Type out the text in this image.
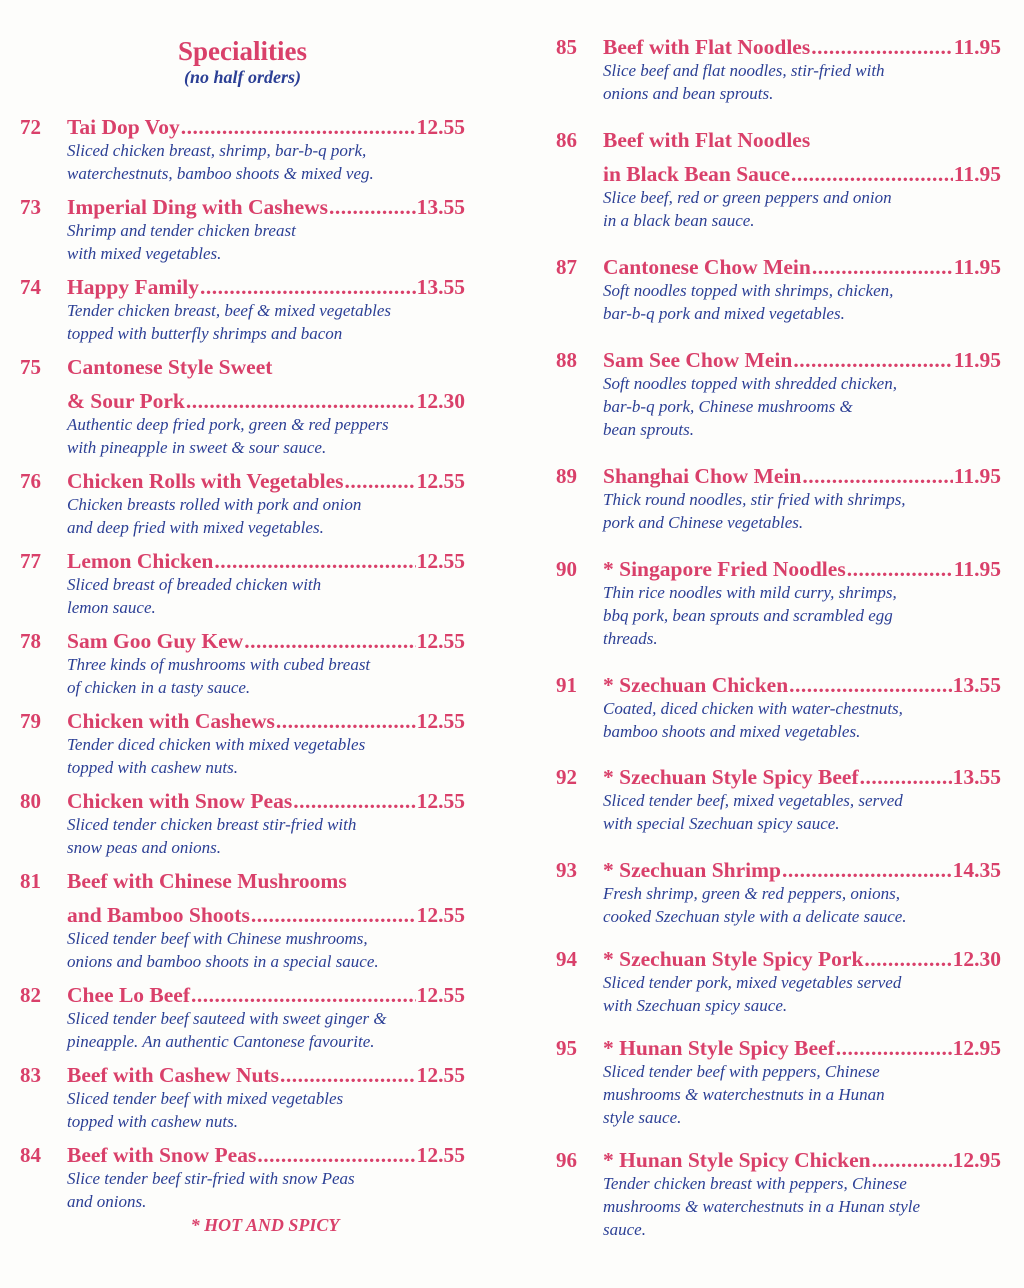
Specialities
(no half orders)
72	Tai Dop Voy .....	12.55
Sliced chicken breast, shrimp, bar-b-q pork,
waterchestnuts, bamboo shoots & mixed veg.
73	Imperial Ding with Cashews .....	13.55
Shrimp and tender chicken breast
with mixed vegetables.
74	Happy Family .....	13.55
Tender chicken breast, beef & mixed vegetables
topped with butterfly shrimps and bacon
75	Cantonese Style Sweet
& Sour Pork .....	12.30
Authentic deep fried pork, green & red peppers
with pineapple in sweet & sour sauce.
76	Chicken Rolls with Vegetables .....	12.55
Chicken breasts rolled with pork and onion
and deep fried with mixed vegetables.
77	Lemon Chicken .....	12.55
Sliced breast of breaded chicken with
lemon sauce.
78	Sam Goo Guy Kew .....	12.55
Three kinds of mushrooms with cubed breast
of chicken in a tasty sauce.
79	Chicken with Cashews .....	12.55
Tender diced chicken with mixed vegetables
topped with cashew nuts.
80	Chicken with Snow Peas .....	12.55
Sliced tender chicken breast stir-fried with
snow peas and onions.
81	Beef with Chinese Mushrooms
and Bamboo Shoots .....	12.55
Sliced tender beef with Chinese mushrooms,
onions and bamboo shoots in a special sauce.
82	Chee Lo Beef .....	12.55
Sliced tender beef sauteed with sweet ginger &
pineapple. An authentic Cantonese favourite.
83	Beef with Cashew Nuts .....	12.55
Sliced tender beef with mixed vegetables
topped with cashew nuts.
84	Beef with Snow Peas .....	12.55
Slice tender beef stir-fried with snow Peas
and onions.
* HOT AND SPICY
85	Beef with Flat Noodles .....	11.95
Slice beef and flat noodles, stir-fried with
onions and bean sprouts.
86	Beef with Flat Noodles
in Black Bean Sauce .....	11.95
Slice beef, red or green peppers and onion
in a black bean sauce.
87	Cantonese Chow Mein .....	11.95
Soft noodles topped with shrimps, chicken,
bar-b-q pork and mixed vegetables.
88	Sam See Chow Mein .....	11.95
Soft noodles topped with shredded chicken,
bar-b-q pork, Chinese mushrooms &
bean sprouts.
89	Shanghai Chow Mein .....	11.95
Thick round noodles, stir fried with shrimps,
pork and Chinese vegetables.
90	* Singapore Fried Noodles .....	11.95
Thin rice noodles with mild curry, shrimps,
bbq pork, bean sprouts and scrambled egg
threads.
91	* Szechuan Chicken .....	13.55
Coated, diced chicken with water-chestnuts,
bamboo shoots and mixed vegetables.
92	* Szechuan Style Spicy Beef .....	13.55
Sliced tender beef, mixed vegetables, served
with special Szechuan spicy sauce.
93	* Szechuan Shrimp .....	14.35
Fresh shrimp, green & red peppers, onions,
cooked Szechuan style with a delicate sauce.
94	* Szechuan Style Spicy Pork .....	12.30
Sliced tender pork, mixed vegetables served
with Szechuan spicy sauce.
95	* Hunan Style Spicy Beef .....	12.95
Sliced tender beef with peppers, Chinese
mushrooms & waterchestnuts in a Hunan
style sauce.
96	* Hunan Style Spicy Chicken .....	12.95
Tender chicken breast with peppers, Chinese
mushrooms & waterchestnuts in a Hunan style
sauce.
